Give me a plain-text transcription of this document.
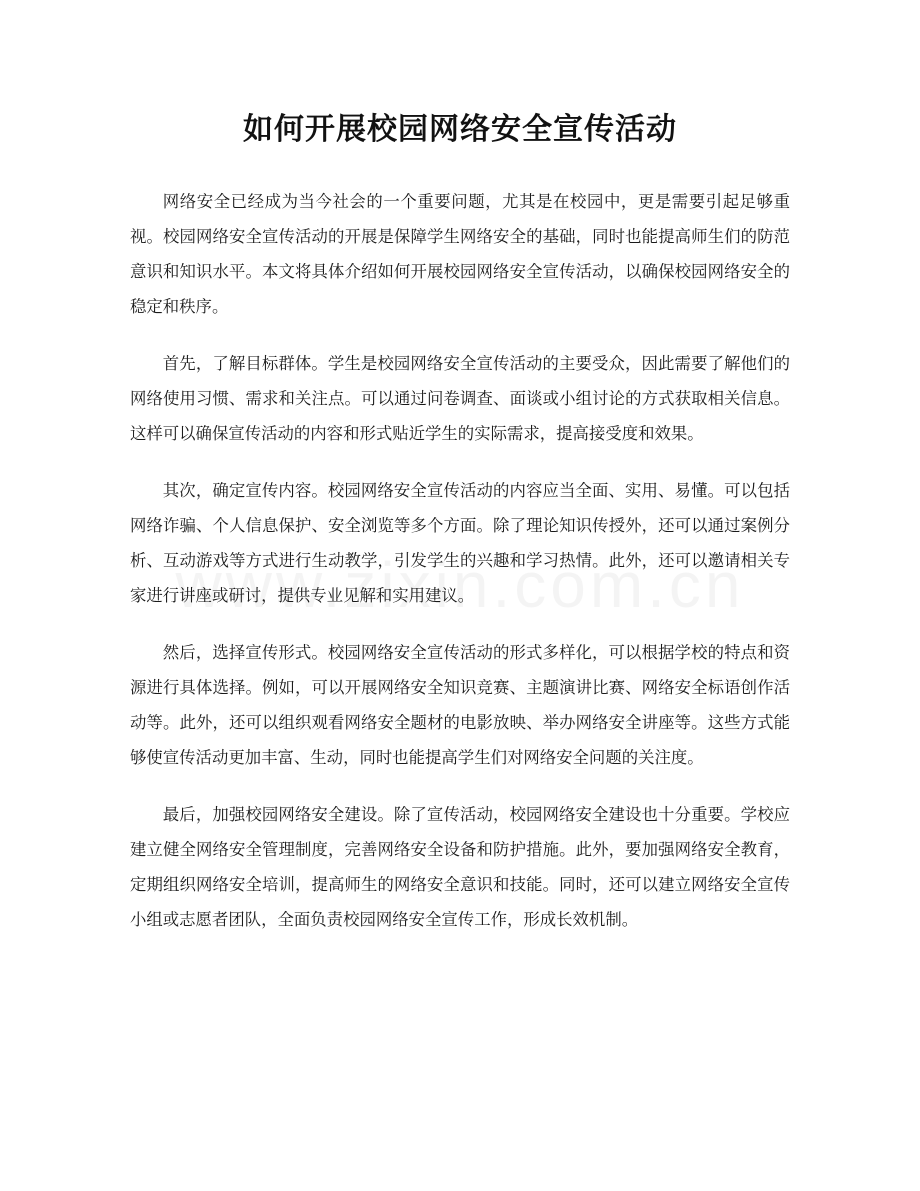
如何开展校园网络安全宣传活动

网络安全已经成为当今社会的一个重要问题，尤其是在校园中，更是需要引起足够重视。校园网络安全宣传活动的开展是保障学生网络安全的基础，同时也能提高师生们的防范意识和知识水平。本文将具体介绍如何开展校园网络安全宣传活动，以确保校园网络安全的稳定和秩序。

首先，了解目标群体。学生是校园网络安全宣传活动的主要受众，因此需要了解他们的网络使用习惯、需求和关注点。可以通过问卷调查、面谈或小组讨论的方式获取相关信息。这样可以确保宣传活动的内容和形式贴近学生的实际需求，提高接受度和效果。

其次，确定宣传内容。校园网络安全宣传活动的内容应当全面、实用、易懂。可以包括网络诈骗、个人信息保护、安全浏览等多个方面。除了理论知识传授外，还可以通过案例分析、互动游戏等方式进行生动教学，引发学生的兴趣和学习热情。此外，还可以邀请相关专家进行讲座或研讨，提供专业见解和实用建议。

然后，选择宣传形式。校园网络安全宣传活动的形式多样化，可以根据学校的特点和资源进行具体选择。例如，可以开展网络安全知识竞赛、主题演讲比赛、网络安全标语创作活动等。此外，还可以组织观看网络安全题材的电影放映、举办网络安全讲座等。这些方式能够使宣传活动更加丰富、生动，同时也能提高学生们对网络安全问题的关注度。

最后，加强校园网络安全建设。除了宣传活动，校园网络安全建设也十分重要。学校应建立健全网络安全管理制度，完善网络安全设备和防护措施。此外，要加强网络安全教育，定期组织网络安全培训，提高师生的网络安全意识和技能。同时，还可以建立网络安全宣传小组或志愿者团队，全面负责校园网络安全宣传工作，形成长效机制。
